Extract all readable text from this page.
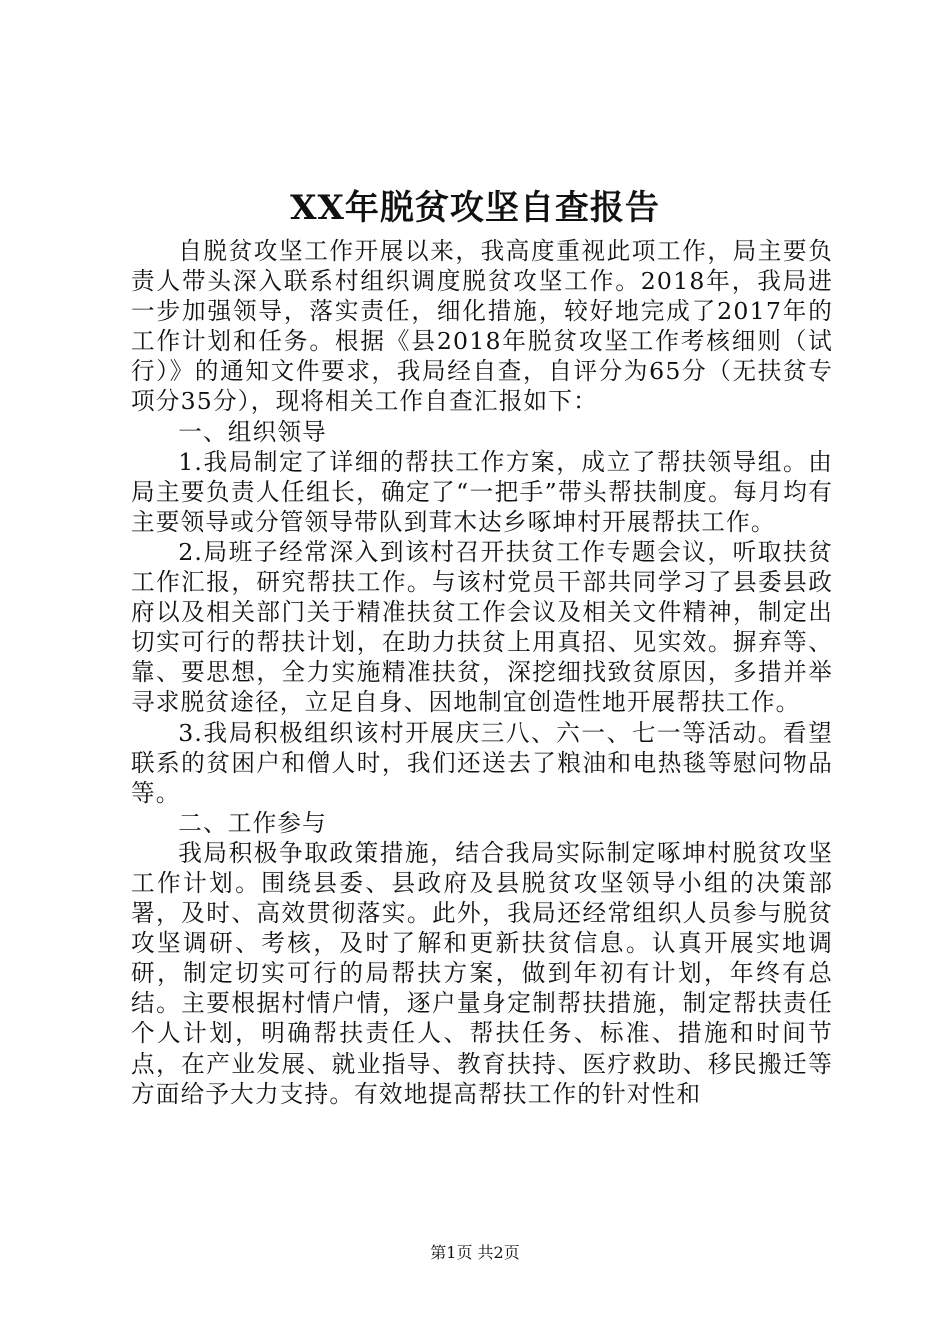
XX年脱贫攻坚自查报告

自脱贫攻坚工作开展以来，我高度重视此项工作，局主要负责人带头深入联系村组织调度脱贫攻坚工作。2018年，我局进一步加强领导，落实责任，细化措施，较好地完成了2017年的工作计划和任务。根据《县2018年脱贫攻坚工作考核细则（试行）》的通知文件要求，我局经自查，自评分为65分（无扶贫专项分35分），现将相关工作自查汇报如下：

一、组织领导

1.我局制定了详细的帮扶工作方案，成立了帮扶领导组。由局主要负责人任组长，确定了“一把手”带头帮扶制度。每月均有主要领导或分管领导带队到茸木达乡啄坤村开展帮扶工作。

2.局班子经常深入到该村召开扶贫工作专题会议，听取扶贫工作汇报，研究帮扶工作。与该村党员干部共同学习了县委县政府以及相关部门关于精准扶贫工作会议及相关文件精神，制定出切实可行的帮扶计划，在助力扶贫上用真招、见实效。摒弃等、靠、要思想，全力实施精准扶贫，深挖细找致贫原因，多措并举寻求脱贫途径，立足自身、因地制宜创造性地开展帮扶工作。

3.我局积极组织该村开展庆三八、六一、七一等活动。看望联系的贫困户和僧人时，我们还送去了粮油和电热毯等慰问物品等。

二、工作参与

我局积极争取政策措施，结合我局实际制定啄坤村脱贫攻坚工作计划。围绕县委、县政府及县脱贫攻坚领导小组的决策部署，及时、高效贯彻落实。此外，我局还经常组织人员参与脱贫攻坚调研、考核，及时了解和更新扶贫信息。认真开展实地调研，制定切实可行的局帮扶方案，做到年初有计划，年终有总结。主要根据村情户情，逐户量身定制帮扶措施，制定帮扶责任个人计划，明确帮扶责任人、帮扶任务、标准、措施和时间节点，在产业发展、就业指导、教育扶持、医疗救助、移民搬迁等方面给予大力支持。有效地提高帮扶工作的针对性和

第1页 共2页
